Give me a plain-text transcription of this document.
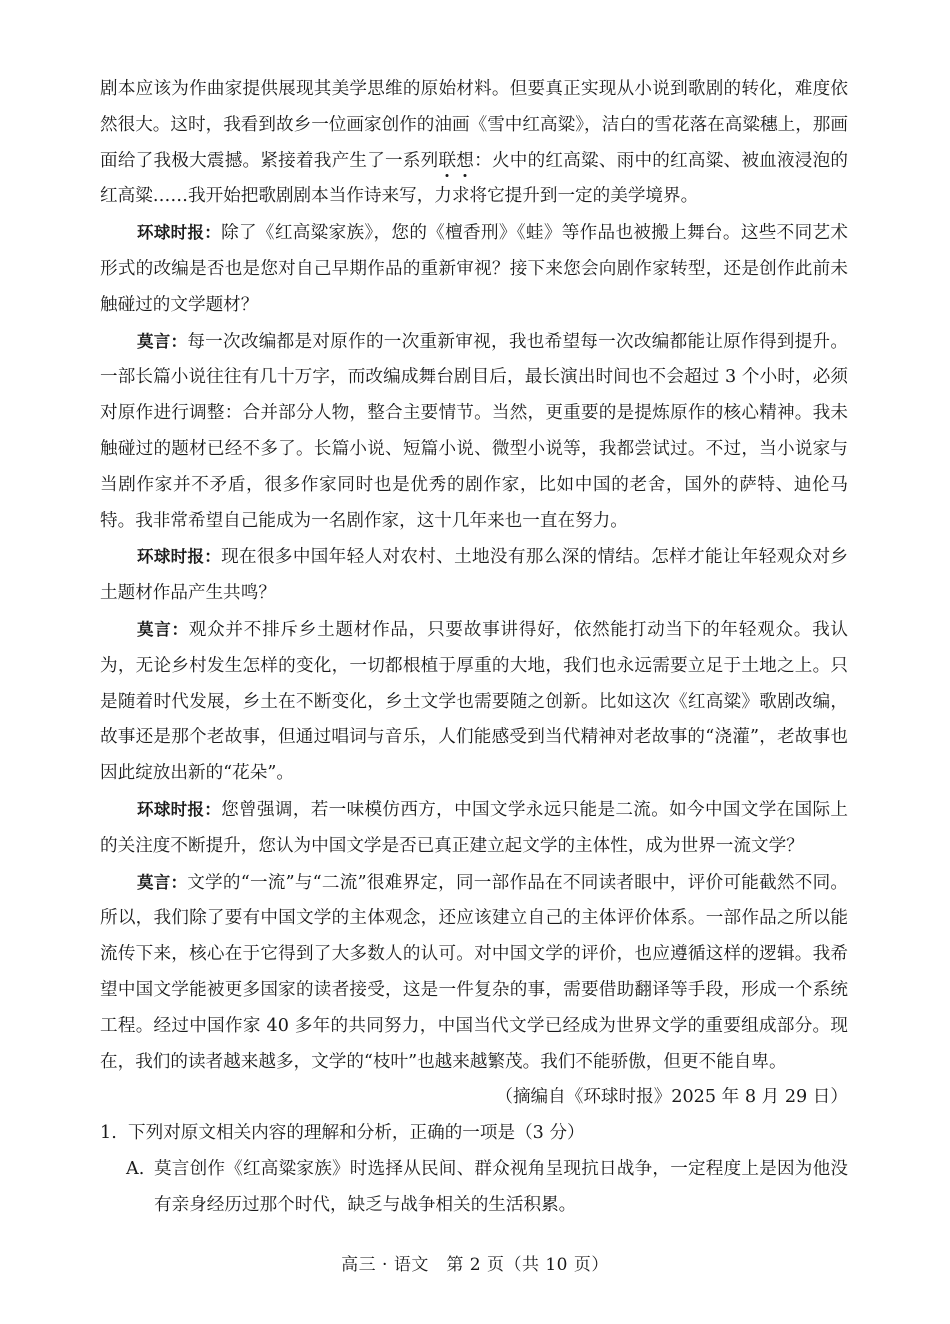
剧本应该为作曲家提供展现其美学思维的原始材料。但要真正实现从小说到歌剧的转化，难度依然很大。这时，我看到故乡一位画家创作的油画《雪中红高粱》，洁白的雪花落在高粱穗上，那画面给了我极大震撼。紧接着我产生了一系列联想：火中的红高粱、雨中的红高粱、被血液浸泡的红高粱……我开始把歌剧剧本当作诗来写，力求将它提升到一定的美学境界。

环球时报：除了《红高粱家族》，您的《檀香刑》《蛙》等作品也被搬上舞台。这些不同艺术形式的改编是否也是您对自己早期作品的重新审视？接下来您会向剧作家转型，还是创作此前未触碰过的文学题材？

莫言：每一次改编都是对原作的一次重新审视，我也希望每一次改编都能让原作得到提升。一部长篇小说往往有几十万字，而改编成舞台剧目后，最长演出时间也不会超过 3 个小时，必须对原作进行调整：合并部分人物，整合主要情节。当然，更重要的是提炼原作的核心精神。我未触碰过的题材已经不多了。长篇小说、短篇小说、微型小说等，我都尝试过。不过，当小说家与当剧作家并不矛盾，很多作家同时也是优秀的剧作家，比如中国的老舍，国外的萨特、迪伦马特。我非常希望自己能成为一名剧作家，这十几年来也一直在努力。

环球时报：现在很多中国年轻人对农村、土地没有那么深的情结。怎样才能让年轻观众对乡土题材作品产生共鸣？

莫言：观众并不排斥乡土题材作品，只要故事讲得好，依然能打动当下的年轻观众。我认为，无论乡村发生怎样的变化，一切都根植于厚重的大地，我们也永远需要立足于土地之上。只是随着时代发展，乡土在不断变化，乡土文学也需要随之创新。比如这次《红高粱》歌剧改编，故事还是那个老故事，但通过唱词与音乐，人们能感受到当代精神对老故事的“浇灌”，老故事也因此绽放出新的“花朵”。

环球时报：您曾强调，若一味模仿西方，中国文学永远只能是二流。如今中国文学在国际上的关注度不断提升，您认为中国文学是否已真正建立起文学的主体性，成为世界一流文学？

莫言：文学的“一流”与“二流”很难界定，同一部作品在不同读者眼中，评价可能截然不同。所以，我们除了要有中国文学的主体观念，还应该建立自己的主体评价体系。一部作品之所以能流传下来，核心在于它得到了大多数人的认可。对中国文学的评价，也应遵循这样的逻辑。我希望中国文学能被更多国家的读者接受，这是一件复杂的事，需要借助翻译等手段，形成一个系统工程。经过中国作家 40 多年的共同努力，中国当代文学已经成为世界文学的重要组成部分。现在，我们的读者越来越多，文学的“枝叶”也越来越繁茂。我们不能骄傲，但更不能自卑。

（摘编自《环球时报》2025 年 8 月 29 日）

1. 下列对原文相关内容的理解和分析，正确的一项是（3 分）
A. 莫言创作《红高粱家族》时选择从民间、群众视角呈现抗日战争，一定程度上是因为他没有亲身经历过那个时代，缺乏与战争相关的生活积累。
高三 · 语文　第 2 页（共 10 页）
